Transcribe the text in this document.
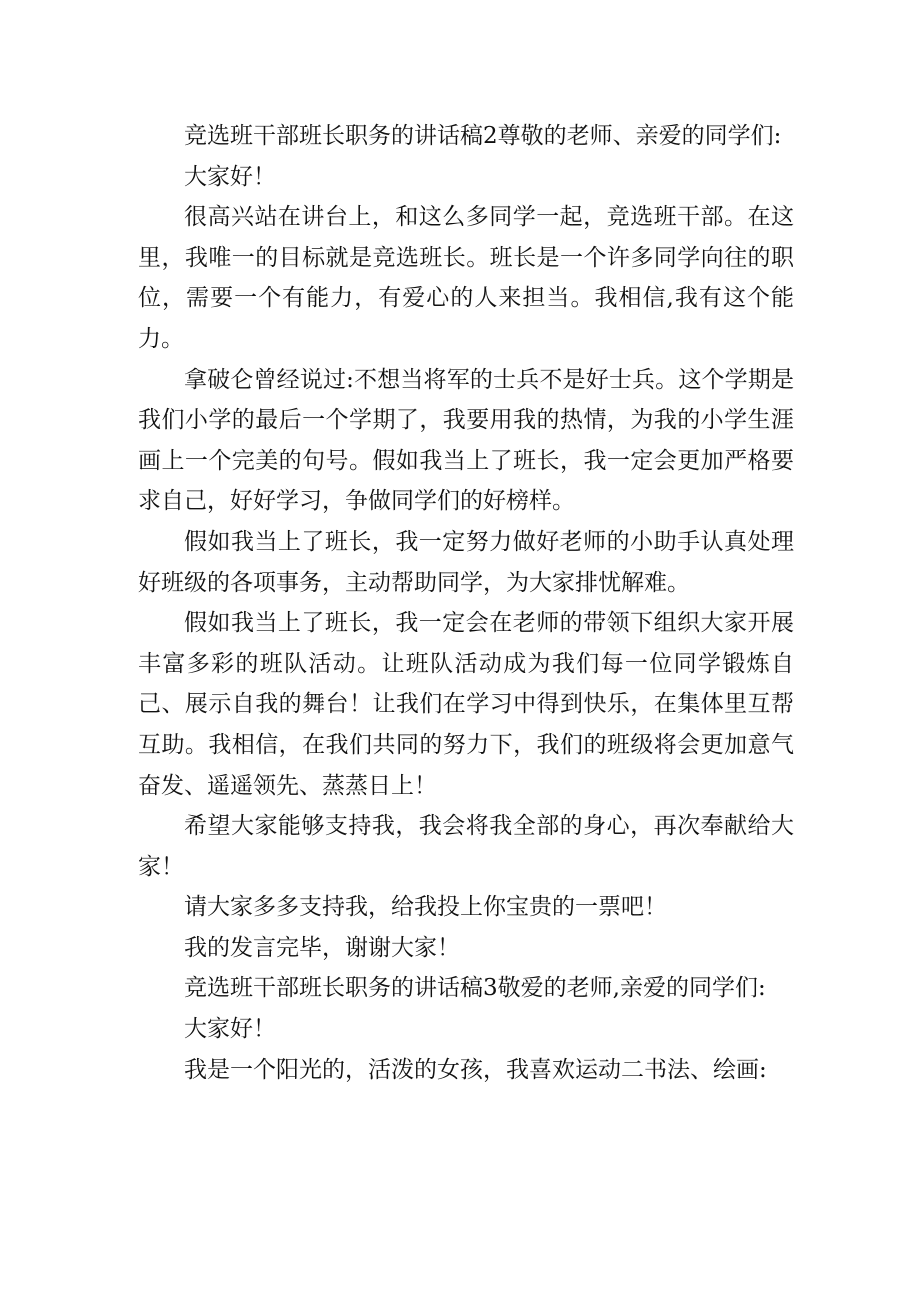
竞选班干部班长职务的讲话稿2尊敬的老师、亲爱的同学们:

大家好！

很高兴站在讲台上，和这么多同学一起，竞选班干部。在这里，我唯一的目标就是竞选班长。班长是一个许多同学向往的职位，需要一个有能力，有爱心的人来担当。我相信,我有这个能力。

拿破仑曾经说过:不想当将军的士兵不是好士兵。这个学期是我们小学的最后一个学期了，我要用我的热情，为我的小学生涯画上一个完美的句号。假如我当上了班长，我一定会更加严格要求自己，好好学习，争做同学们的好榜样。

假如我当上了班长，我一定努力做好老师的小助手认真处理好班级的各项事务，主动帮助同学，为大家排忧解难。

假如我当上了班长，我一定会在老师的带领下组织大家开展丰富多彩的班队活动。让班队活动成为我们每一位同学锻炼自己、展示自我的舞台！让我们在学习中得到快乐，在集体里互帮互助。我相信，在我们共同的努力下，我们的班级将会更加意气奋发、遥遥领先、蒸蒸日上！

希望大家能够支持我，我会将我全部的身心，再次奉献给大家！

请大家多多支持我，给我投上你宝贵的一票吧！

我的发言完毕，谢谢大家！

竞选班干部班长职务的讲话稿3敬爱的老师,亲爱的同学们:

大家好！

我是一个阳光的，活泼的女孩，我喜欢运动二书法、绘画:
